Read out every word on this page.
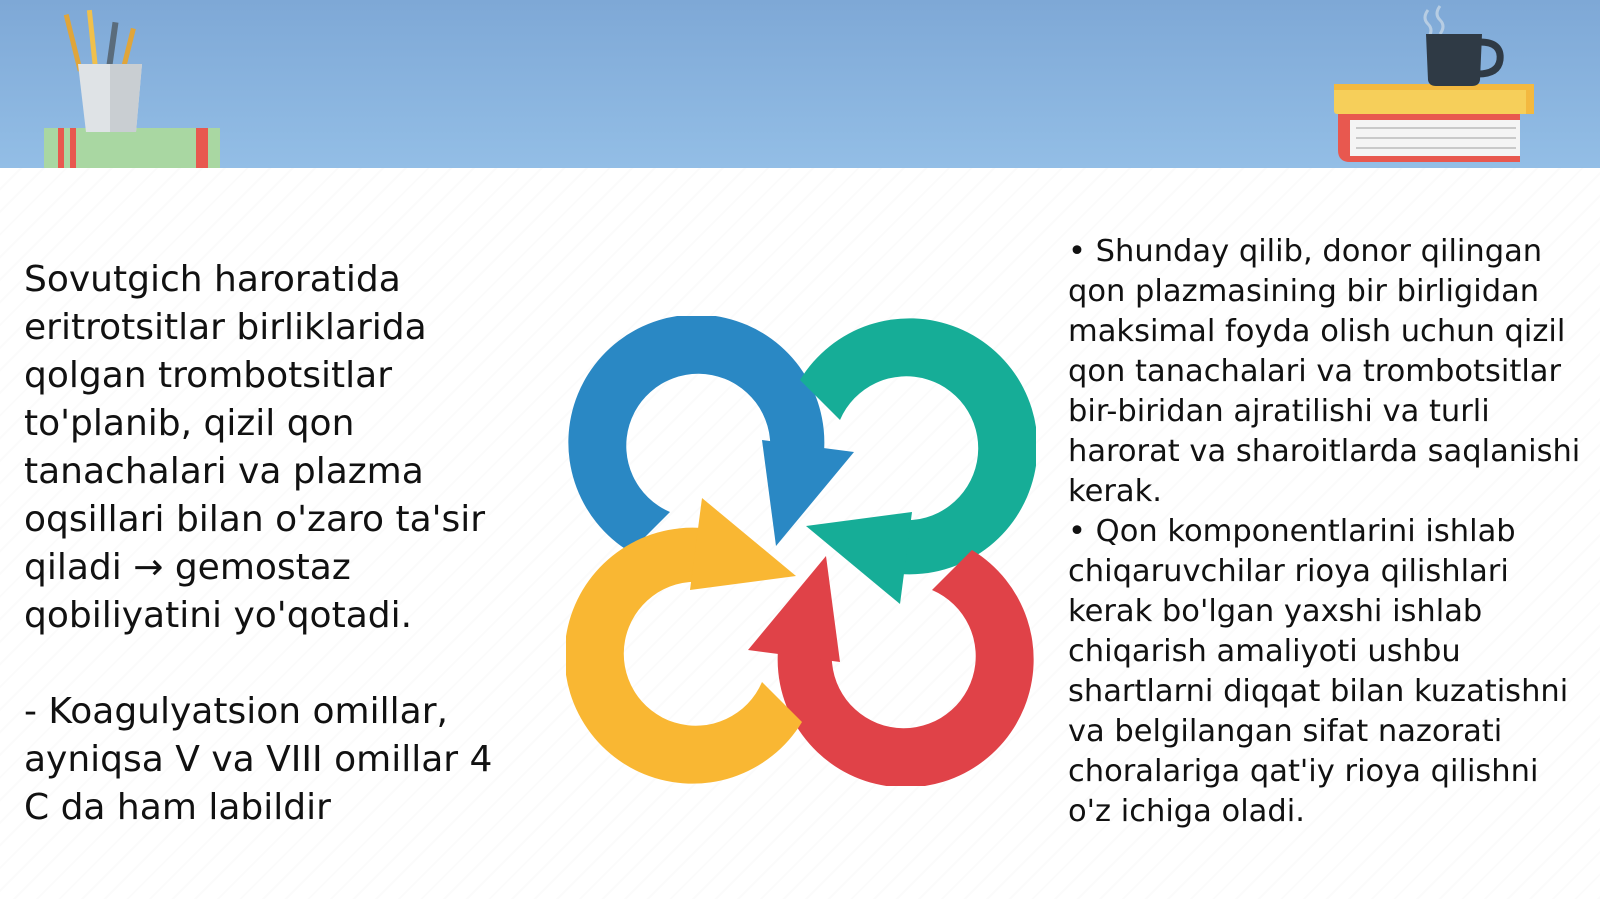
Sovutgich haroratida
eritrotsitlar birliklarida
qolgan trombotsitlar
to'planib, qizil qon
tanachalari va plazma
oqsillari bilan o'zaro ta'sir
qiladi → gemostaz
qobiliyatini yo'qotadi.

- Koagulyatsion omillar,
ayniqsa V va VIII omillar 4
C da ham labildir

• Shunday qilib, donor qilingan qon plazmasining bir birligidan maksimal foyda olish uchun qizil qon tanachalari va trombotsitlar bir-biridan ajratilishi va turli harorat va sharoitlarda saqlanishi kerak.

• Qon komponentlarini ishlab chiqaruvchilar rioya qilishlari kerak bo'lgan yaxshi ishlab chiqarish amaliyoti ushbu shartlarni diqqat bilan kuzatishni va belgilangan sifat nazorati choralariga qat'iy rioya qilishni o'z ichiga oladi.
